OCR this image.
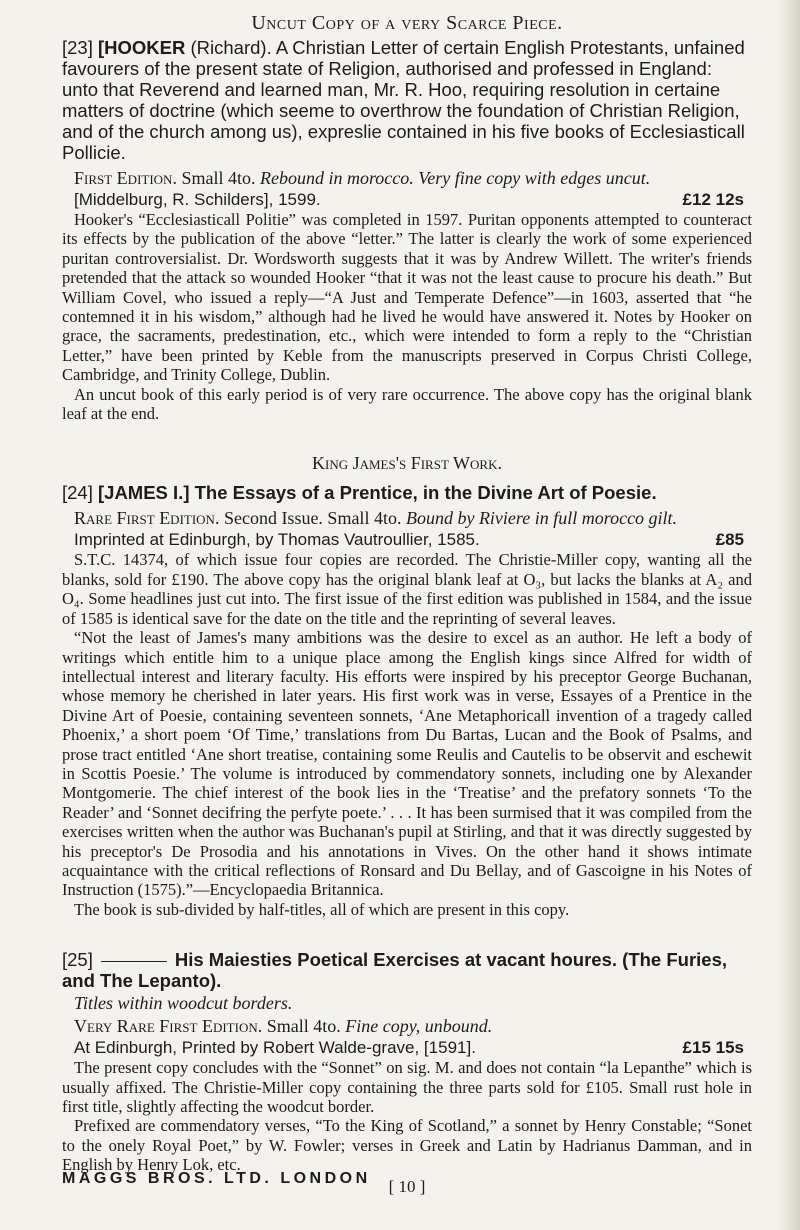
Uncut Copy of a very Scarce Piece.

[23] [HOOKER (Richard). A Christian Letter of certain English Protestants, unfained favourers of the present state of Religion, authorised and professed in England: unto that Reverend and learned man, Mr. R. Hoo, requiring resolution in certaine matters of doctrine (which seeme to overthrow the foundation of Christian Religion, and of the church among us), expreslie contained in his five books of Ecclesiasticall Pollicie.

First Edition. Small 4to. Rebound in morocco. Very fine copy with edges uncut.

[Middelburg, R. Schilders], 1599.	£12 12s

Hooker's “Ecclesiasticall Politie” was completed in 1597. Puritan opponents attempted to counteract its effects by the publication of the above “letter.” The latter is clearly the work of some experienced puritan controversialist. Dr. Wordsworth suggests that it was by Andrew Willett. The writer's friends pretended that the attack so wounded Hooker “that it was not the least cause to procure his death.” But William Covel, who issued a reply—“A Just and Temperate Defence”—in 1603, asserted that “he contemned it in his wisdom,” although had he lived he would have answered it. Notes by Hooker on grace, the sacraments, predestination, etc., which were intended to form a reply to the “Christian Letter,” have been printed by Keble from the manuscripts preserved in Corpus Christi College, Cambridge, and Trinity College, Dublin.

An uncut book of this early period is of very rare occurrence. The above copy has the original blank leaf at the end.

King James's First Work.

[24] [JAMES I.] The Essays of a Prentice, in the Divine Art of Poesie.

Rare First Edition. Second Issue. Small 4to. Bound by Riviere in full morocco gilt.

Imprinted at Edinburgh, by Thomas Vautroullier, 1585.	£85

S.T.C. 14374, of which issue four copies are recorded. The Christie-Miller copy, wanting all the blanks, sold for £190. The above copy has the original blank leaf at O₃, but lacks the blanks at A₂ and O₄. Some headlines just cut into. The first issue of the first edition was published in 1584, and the issue of 1585 is identical save for the date on the title and the reprinting of several leaves.

“Not the least of James's many ambitions was the desire to excel as an author. He left a body of writings which entitle him to a unique place among the English kings since Alfred for width of intellectual interest and literary faculty. His efforts were inspired by his preceptor George Buchanan, whose memory he cherished in later years. His first work was in verse, Essayes of a Prentice in the Divine Art of Poesie, containing seventeen sonnets, ‘Ane Metaphoricall invention of a tragedy called Phoenix,’ a short poem ‘Of Time,’ translations from Du Bartas, Lucan and the Book of Psalms, and prose tract entitled ‘Ane short treatise, containing some Reulis and Cautelis to be observit and eschewit in Scottis Poesie.’ The volume is introduced by commendatory sonnets, including one by Alexander Montgomerie. The chief interest of the book lies in the ‘Treatise’ and the prefatory sonnets ‘To the Reader’ and ‘Sonnet decifring the perfyte poete.’ . . . It has been surmised that it was compiled from the exercises written when the author was Buchanan's pupil at Stirling, and that it was directly suggested by his preceptor's De Prosodia and his annotations in Vives. On the other hand it shows intimate acquaintance with the critical reflections of Ronsard and Du Bellay, and of Gascoigne in his Notes of Instruction (1575).”—Encyclopaedia Britannica.

The book is sub-divided by half-titles, all of which are present in this copy.

[25]	His Maiesties Poetical Exercises at vacant houres. (The Furies, and The Lepanto).

Titles within woodcut borders.

Very Rare First Edition. Small 4to. Fine copy, unbound.

At Edinburgh, Printed by Robert Walde-grave, [1591].	£15 15s

The present copy concludes with the “Sonnet” on sig. M. and does not contain “la Lepanthe” which is usually affixed. The Christie-Miller copy containing the three parts sold for £105. Small rust hole in first title, slightly affecting the woodcut border.

Prefixed are commendatory verses, “To the King of Scotland,” a sonnet by Henry Constable; “Sonet to the onely Royal Poet,” by W. Fowler; verses in Greek and Latin by Hadrianus Damman, and in English by Henry Lok, etc.

[ 10 ]

MAGGS BROS. LTD. LONDON
